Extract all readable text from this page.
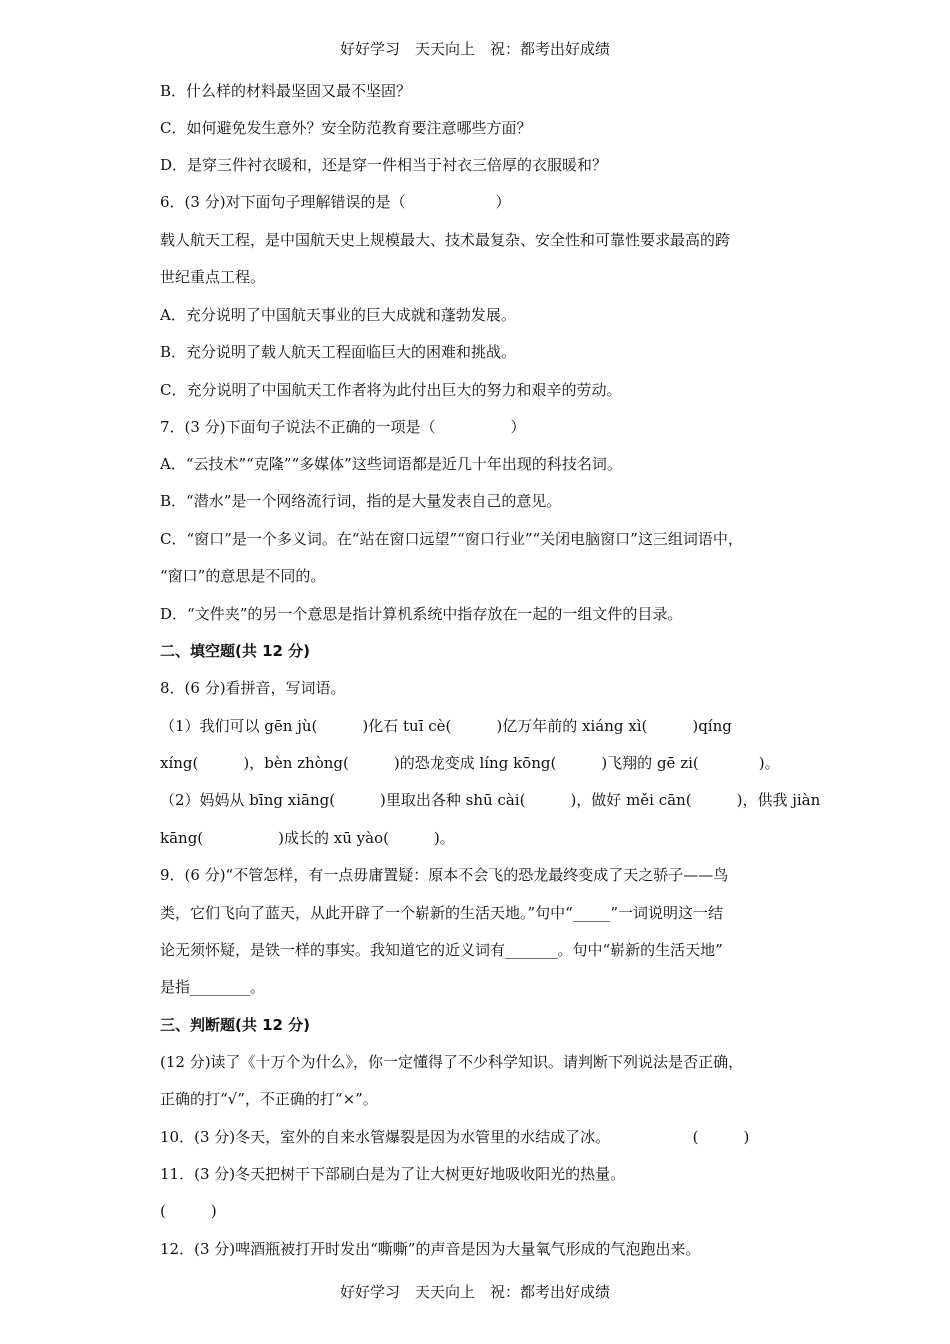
好好学习　天天向上　祝：都考出好成绩
B．什么样的材料最坚固又最不坚固？
C．如何避免发生意外？安全防范教育要注意哪些方面？
D．是穿三件衬衣暖和，还是穿一件相当于衬衣三倍厚的衣服暖和？
6．(3 分)对下面句子理解错误的是（　　　　　　）
载人航天工程，是中国航天史上规模最大、技术最复杂、安全性和可靠性要求最高的跨
世纪重点工程。
A．充分说明了中国航天事业的巨大成就和蓬勃发展。
B．充分说明了载人航天工程面临巨大的困难和挑战。
C．充分说明了中国航天工作者将为此付出巨大的努力和艰辛的劳动。
7．(3 分)下面句子说法不正确的一项是（　　　　　）
A．“云技术”“克隆”“多媒体”这些词语都是近几十年出现的科技名词。
B．“潜水”是一个网络流行词，指的是大量发表自己的意见。
C．“窗口”是一个多义词。在“站在窗口远望”“窗口行业”“关闭电脑窗口”这三组词语中，
“窗口”的意思是不同的。
D．“文件夹”的另一个意思是指计算机系统中指存放在一起的一组文件的目录。
二、填空题(共 12 分)
8．(6 分)看拼音，写词语。
（1）我们可以 gēn jù(　　　)化石 tuī cè(　　　)亿万年前的 xiáng xì(　　　)qíng
xíng(　　　)，bèn zhòng(　　　)的恐龙变成 líng kōng(　　　)飞翔的 gē zi(　　　　)。
（2）妈妈从 bīng xiāng(　　　)里取出各种 shū cài(　　　)，做好 měi cān(　　　)，供我 jiàn
kāng(　　　　　)成长的 xū yào(　　　)。
9．(6 分)“不管怎样，有一点毋庸置疑：原本不会飞的恐龙最终变成了天之骄子——鸟
类，它们飞向了蓝天，从此开辟了一个崭新的生活天地。”句中“_____”一词说明这一结
论无须怀疑，是铁一样的事实。我知道它的近义词有_______。句中“崭新的生活天地”
是指________。
三、判断题(共 12 分)
(12 分)读了《十万个为什么》，你一定懂得了不少科学知识。请判断下列说法是否正确，
正确的打“√”，不正确的打“×”。
10．(3 分)冬天，室外的自来水管爆裂是因为水管里的水结成了冰。　　　　　　(　　　)
11．(3 分)冬天把树干下部刷白是为了让大树更好地吸收阳光的热量。
(　　　)
12．(3 分)啤酒瓶被打开时发出“嘶嘶”的声音是因为大量氧气形成的气泡跑出来。
好好学习　天天向上　祝：都考出好成绩
